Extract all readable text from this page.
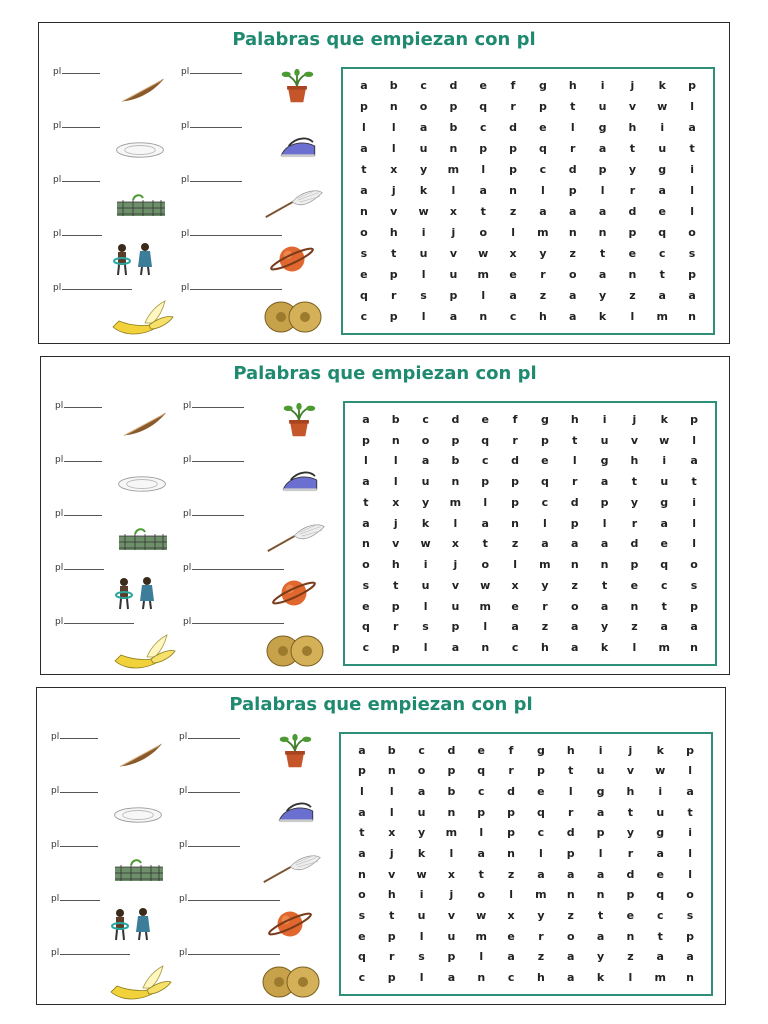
Palabras que empiezan con pl
pl	pl
pl	pl
pl	pl
pl	pl
pl	pl
a	b	c	d	e	f	g	h	i	j	k	p
p	n	o	p	q	r	p	t	u	v	w	l
l	l	a	b	c	d	e	l	g	h	i	a
a	l	u	n	p	p	q	r	a	t	u	t
t	x	y	m	l	p	c	d	p	y	g	i
a	j	k	l	a	n	l	p	l	r	a	l
n	v	w	x	t	z	a	a	a	d	e	l
o	h	i	j	o	l	m	n	n	p	q	o
s	t	u	v	w	x	y	z	t	e	c	s
e	p	l	u	m	e	r	o	a	n	t	p
q	r	s	p	l	a	z	a	y	z	a	a
c	p	l	a	n	c	h	a	k	l	m	n
Palabras que empiezan con pl
pl	pl
pl	pl
pl	pl
pl	pl
pl	pl
a	b	c	d	e	f	g	h	i	j	k	p
p	n	o	p	q	r	p	t	u	v	w	l
l	l	a	b	c	d	e	l	g	h	i	a
a	l	u	n	p	p	q	r	a	t	u	t
t	x	y	m	l	p	c	d	p	y	g	i
a	j	k	l	a	n	l	p	l	r	a	l
n	v	w	x	t	z	a	a	a	d	e	l
o	h	i	j	o	l	m	n	n	p	q	o
s	t	u	v	w	x	y	z	t	e	c	s
e	p	l	u	m	e	r	o	a	n	t	p
q	r	s	p	l	a	z	a	y	z	a	a
c	p	l	a	n	c	h	a	k	l	m	n
Palabras que empiezan con pl
pl	pl
pl	pl
pl	pl
pl	pl
pl	pl
a	b	c	d	e	f	g	h	i	j	k	p
p	n	o	p	q	r	p	t	u	v	w	l
l	l	a	b	c	d	e	l	g	h	i	a
a	l	u	n	p	p	q	r	a	t	u	t
t	x	y	m	l	p	c	d	p	y	g	i
a	j	k	l	a	n	l	p	l	r	a	l
n	v	w	x	t	z	a	a	a	d	e	l
o	h	i	j	o	l	m	n	n	p	q	o
s	t	u	v	w	x	y	z	t	e	c	s
e	p	l	u	m	e	r	o	a	n	t	p
q	r	s	p	l	a	z	a	y	z	a	a
c	p	l	a	n	c	h	a	k	l	m	n
